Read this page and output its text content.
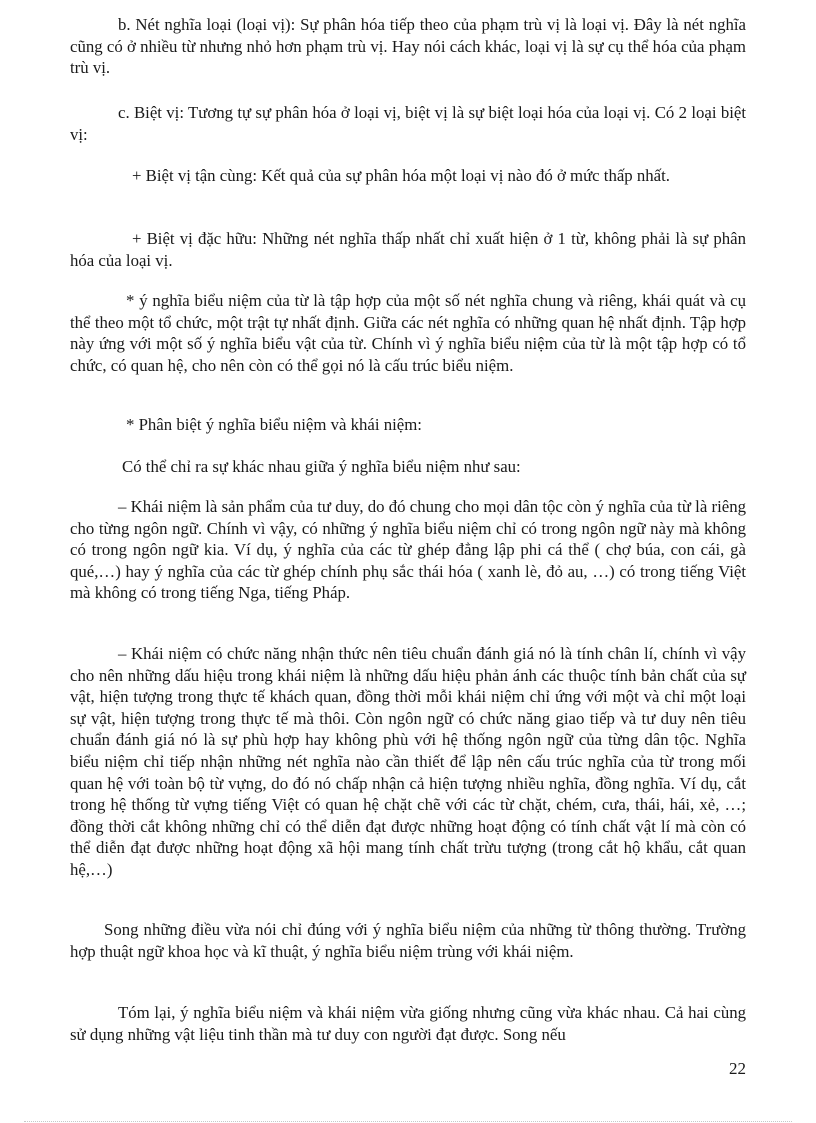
b. Nét nghĩa loại (loại vị): Sự phân hóa tiếp theo của phạm trù vị là loại vị. Đây là nét nghĩa cũng có ở nhiều từ nhưng nhỏ hơn phạm trù vị. Hay nói cách khác, loại vị là sự cụ thể hóa của phạm trù vị.

c. Biệt vị: Tương tự sự phân hóa ở loại vị, biệt vị là sự biệt loại hóa của loại vị. Có 2 loại biệt vị:

+ Biệt vị tận cùng: Kết quả của sự phân hóa một loại vị nào đó ở mức thấp nhất.

+ Biệt vị đặc hữu: Những nét nghĩa thấp nhất chỉ xuất hiện ở 1 từ, không phải là sự phân hóa của loại vị.

* ý nghĩa biểu niệm của từ là tập hợp của một số nét nghĩa chung và riêng, khái quát và cụ thể theo một tổ chức, một trật tự nhất định. Giữa các nét nghĩa có những quan hệ nhất định. Tập hợp này ứng với một số ý nghĩa biểu vật của từ. Chính vì ý nghĩa biểu niệm của từ là một tập hợp có tổ chức, có quan hệ, cho nên còn có thể gọi nó là cấu trúc biểu niệm.

* Phân biệt ý nghĩa biểu niệm và khái niệm:

Có thể chỉ ra sự khác nhau giữa ý nghĩa biểu niệm như sau:

– Khái niệm là sản phẩm của tư duy, do đó chung cho mọi dân tộc còn ý nghĩa của từ là riêng cho từng ngôn ngữ. Chính vì vậy, có những ý nghĩa biểu niệm chỉ có trong ngôn ngữ này mà không có trong ngôn ngữ kia. Ví dụ, ý nghĩa của các từ ghép đẳng lập phi cá thể ( chợ búa, con cái, gà qué,…) hay ý nghĩa của các từ ghép chính phụ sắc thái hóa ( xanh lè, đỏ au, …) có trong tiếng Việt mà không có trong tiếng Nga, tiếng Pháp.

– Khái niệm có chức năng nhận thức nên tiêu chuẩn đánh giá nó là tính chân lí, chính vì vậy cho nên những dấu hiệu trong khái niệm là những dấu hiệu phản ánh các thuộc tính bản chất của sự vật, hiện tượng trong thực tế khách quan, đồng thời mỗi khái niệm chỉ ứng với một và chỉ một loại sự vật, hiện tượng trong thực tế mà thôi. Còn ngôn ngữ có chức năng giao tiếp và tư duy nên tiêu chuẩn đánh giá nó là sự phù hợp hay không phù với hệ thống ngôn ngữ của từng dân tộc. Nghĩa biểu niệm chỉ tiếp nhận những nét nghĩa nào cần thiết để lập nên cấu trúc nghĩa của từ trong mối quan hệ với toàn bộ từ vựng, do đó nó chấp nhận cả hiện tượng nhiều nghĩa, đồng nghĩa. Ví dụ, cắt trong hệ thống từ vựng tiếng Việt có quan hệ chặt chẽ với các từ chặt, chém, cưa, thái, hái, xẻ, …; đồng thời cắt không những chỉ có thể diễn đạt được những hoạt động có tính chất vật lí mà còn có thể diễn đạt được những hoạt động xã hội mang tính chất trừu tượng (trong cắt hộ khẩu, cắt quan hệ,…)

Song những điều vừa nói chỉ đúng với ý nghĩa biểu niệm của những từ thông thường. Trường hợp thuật ngữ khoa học và kĩ thuật, ý nghĩa biểu niệm trùng với khái niệm.

Tóm lại, ý nghĩa biểu niệm và khái niệm vừa giống nhưng cũng vừa khác nhau. Cả hai cùng sử dụng những vật liệu tinh thần mà tư duy con người đạt được. Song nếu

22
